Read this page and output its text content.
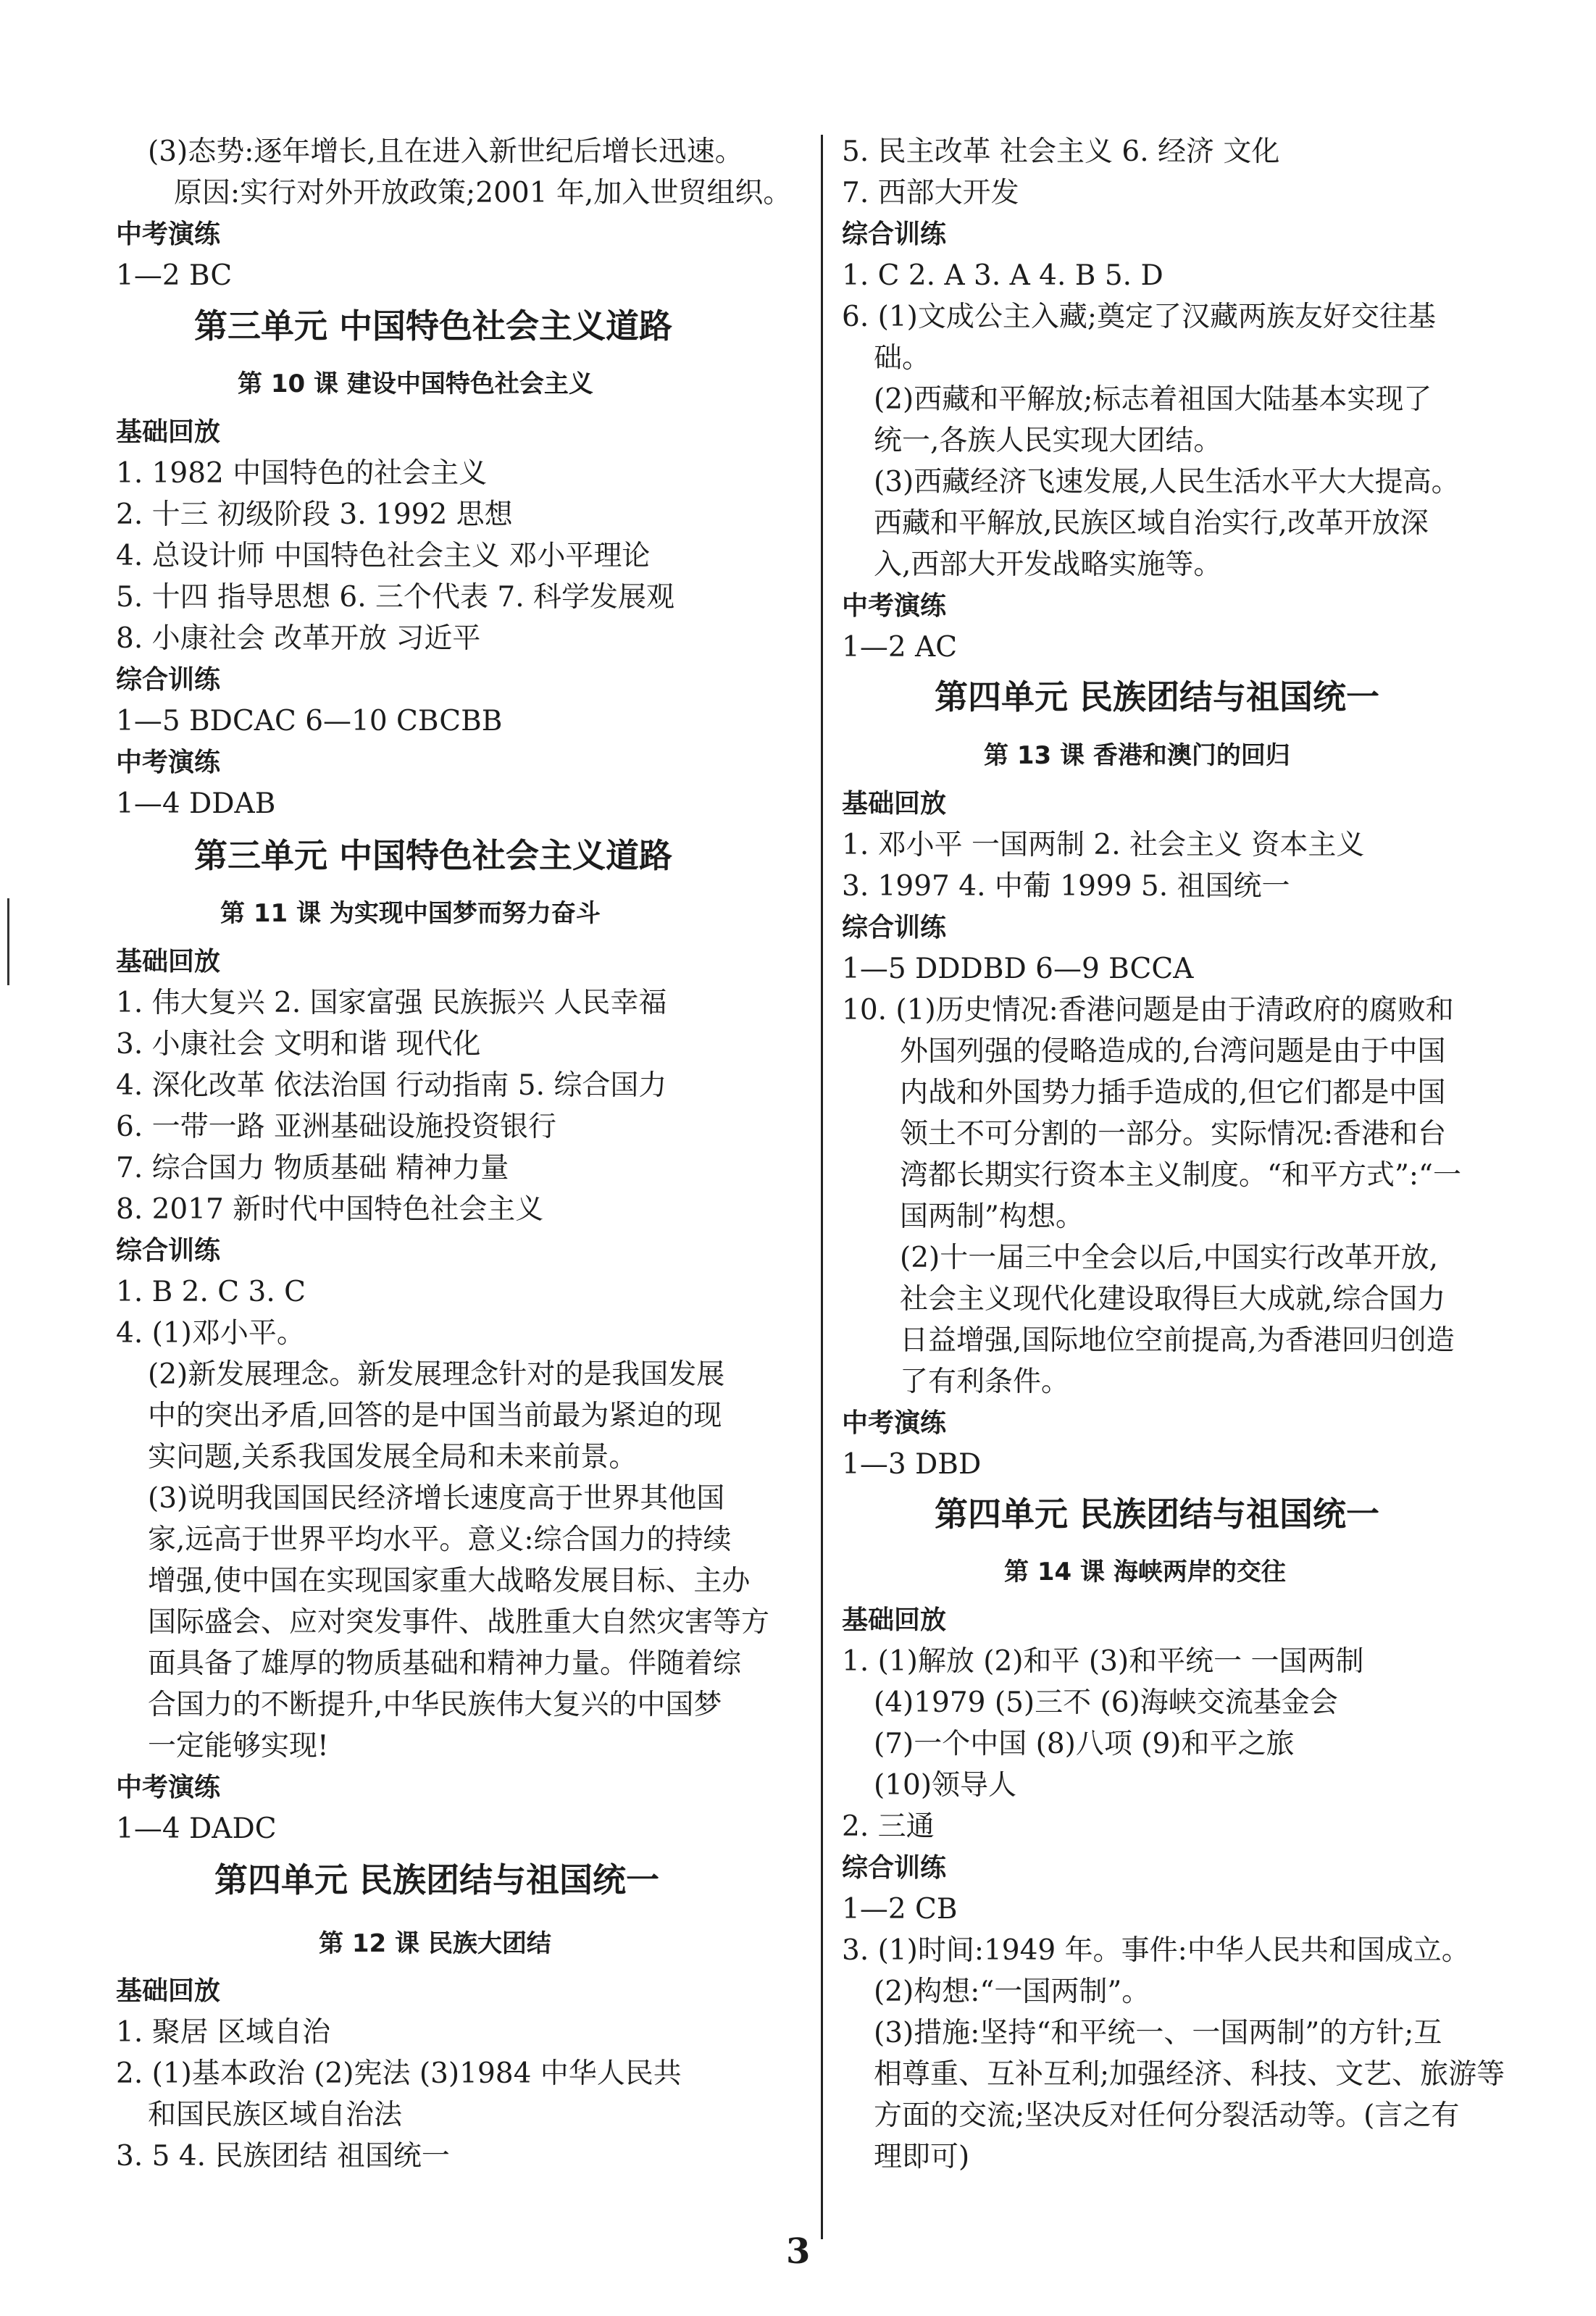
(3)态势:逐年增长,且在进入新世纪后增长迅速。
原因:实行对外开放政策;2001 年,加入世贸组织。
中考演练
1—2 BC
第三单元 中国特色社会主义道路
第 10 课 建设中国特色社会主义
基础回放
1. 1982 中国特色的社会主义
2. 十三 初级阶段 3. 1992 思想
4. 总设计师 中国特色社会主义 邓小平理论
5. 十四 指导思想 6. 三个代表 7. 科学发展观
8. 小康社会 改革开放 习近平
综合训练
1—5 BDCAC 6—10 CBCBB
中考演练
1—4 DDAB
第三单元 中国特色社会主义道路
第 11 课 为实现中国梦而努力奋斗
基础回放
1. 伟大复兴 2. 国家富强 民族振兴 人民幸福
3. 小康社会 文明和谐 现代化
4. 深化改革 依法治国 行动指南 5. 综合国力
6. 一带一路 亚洲基础设施投资银行
7. 综合国力 物质基础 精神力量
8. 2017 新时代中国特色社会主义
综合训练
1. B 2. C 3. C
4. (1)邓小平。
(2)新发展理念。新发展理念针对的是我国发展
中的突出矛盾,回答的是中国当前最为紧迫的现
实问题,关系我国发展全局和未来前景。
(3)说明我国国民经济增长速度高于世界其他国
家,远高于世界平均水平。意义:综合国力的持续
增强,使中国在实现国家重大战略发展目标、主办
国际盛会、应对突发事件、战胜重大自然灾害等方
面具备了雄厚的物质基础和精神力量。伴随着综
合国力的不断提升,中华民族伟大复兴的中国梦
一定能够实现!
中考演练
1—4 DADC
第四单元 民族团结与祖国统一
第 12 课 民族大团结
基础回放
1. 聚居 区域自治
2. (1)基本政治 (2)宪法 (3)1984 中华人民共
和国民族区域自治法
3. 5 4. 民族团结 祖国统一
5. 民主改革 社会主义 6. 经济 文化
7. 西部大开发
综合训练
1. C 2. A 3. A 4. B 5. D
6. (1)文成公主入藏;奠定了汉藏两族友好交往基
础。
(2)西藏和平解放;标志着祖国大陆基本实现了
统一,各族人民实现大团结。
(3)西藏经济飞速发展,人民生活水平大大提高。
西藏和平解放,民族区域自治实行,改革开放深
入,西部大开发战略实施等。
中考演练
1—2 AC
第四单元 民族团结与祖国统一
第 13 课 香港和澳门的回归
基础回放
1. 邓小平 一国两制 2. 社会主义 资本主义
3. 1997 4. 中葡 1999 5. 祖国统一
综合训练
1—5 DDDBD 6—9 BCCA
10. (1)历史情况:香港问题是由于清政府的腐败和
外国列强的侵略造成的,台湾问题是由于中国
内战和外国势力插手造成的,但它们都是中国
领土不可分割的一部分。实际情况:香港和台
湾都长期实行资本主义制度。“和平方式”:“一
国两制”构想。
(2)十一届三中全会以后,中国实行改革开放,
社会主义现代化建设取得巨大成就,综合国力
日益增强,国际地位空前提高,为香港回归创造
了有利条件。
中考演练
1—3 DBD
第四单元 民族团结与祖国统一
第 14 课 海峡两岸的交往
基础回放
1. (1)解放 (2)和平 (3)和平统一 一国两制
(4)1979 (5)三不 (6)海峡交流基金会
(7)一个中国 (8)八项 (9)和平之旅
(10)领导人
2. 三通
综合训练
1—2 CB
3. (1)时间:1949 年。事件:中华人民共和国成立。
(2)构想:“一国两制”。
(3)措施:坚持“和平统一、一国两制”的方针;互
相尊重、互补互利;加强经济、科技、文艺、旅游等
方面的交流;坚决反对任何分裂活动等。(言之有
理即可)
3
